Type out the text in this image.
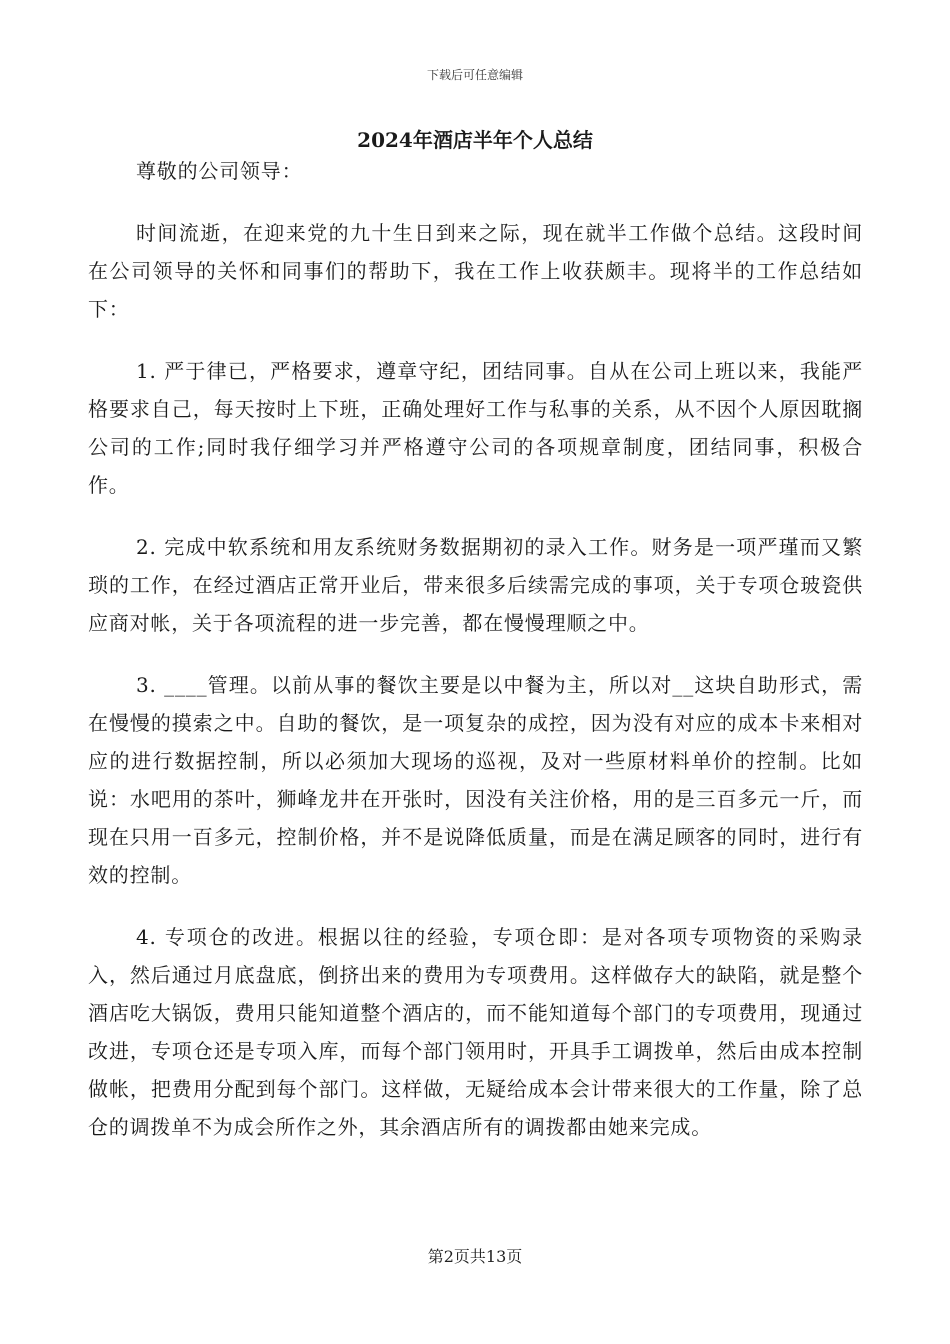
下载后可任意编辑
2024年酒店半年个人总结

尊敬的公司领导：

时间流逝，在迎来党的九十生日到来之际，现在就半工作做个总结。这段时间在公司领导的关怀和同事们的帮助下，我在工作上收获颇丰。现将半的工作总结如下：

1. 严于律已，严格要求，遵章守纪，团结同事。自从在公司上班以来，我能严格要求自己，每天按时上下班，正确处理好工作与私事的关系，从不因个人原因耽搁公司的工作;同时我仔细学习并严格遵守公司的各项规章制度，团结同事，积极合作。

2. 完成中软系统和用友系统财务数据期初的录入工作。财务是一项严瑾而又繁琐的工作，在经过酒店正常开业后，带来很多后续需完成的事项，关于专项仓玻瓷供应商对帐，关于各项流程的进一步完善，都在慢慢理顺之中。

3. ____管理。以前从事的餐饮主要是以中餐为主，所以对__这块自助形式，需在慢慢的摸索之中。自助的餐饮，是一项复杂的成控，因为没有对应的成本卡来相对应的进行数据控制，所以必须加大现场的巡视，及对一些原材料单价的控制。比如说：水吧用的茶叶，狮峰龙井在开张时，因没有关注价格，用的是三百多元一斤，而现在只用一百多元，控制价格，并不是说降低质量，而是在满足顾客的同时，进行有效的控制。

4. 专项仓的改进。根据以往的经验，专项仓即：是对各项专项物资的采购录入，然后通过月底盘底，倒挤出来的费用为专项费用。这样做存大的缺陷，就是整个酒店吃大锅饭，费用只能知道整个酒店的，而不能知道每个部门的专项费用，现通过改进，专项仓还是专项入库，而每个部门领用时，开具手工调拨单，然后由成本控制做帐，把费用分配到每个部门。这样做，无疑给成本会计带来很大的工作量，除了总仓的调拨单不为成会所作之外，其余酒店所有的调拨都由她来完成。

第2页共13页
